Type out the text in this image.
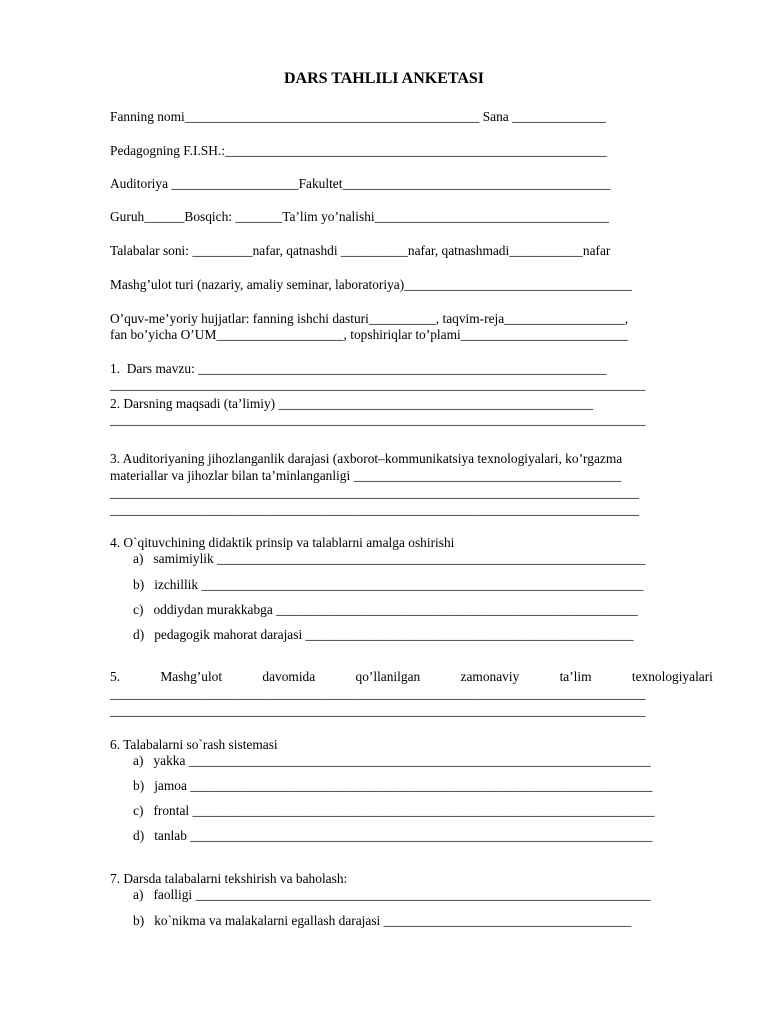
DARS TAHLILI ANKETASI
Fanning nomi____________________________________________ Sana ______________
Pedagogning F.I.SH.:_________________________________________________________
Auditoriya ___________________Fakultet________________________________________
Guruh______Bosqich: _______Ta’lim yo’nalishi___________________________________
Talabalar soni: _________nafar, qatnashdi __________nafar, qatnashmadi___________nafar
Mashg’ulot turi (nazariy, amaliy seminar, laboratoriya)__________________________________
O’quv-me’yoriy hujjatlar: fanning ishchi dasturi__________, taqvim-reja__________________,
fan bo’yicha O’UM___________________, topshiriqlar to’plami_________________________
1.  Dars mavzu: _____________________________________________________________
________________________________________________________________________________
2. Darsning maqsadi (ta’limiy) _______________________________________________
________________________________________________________________________________
3. Auditoriyaning jihozlanganlik darajasi (axborot–kommunikatsiya texnologiyalari, ko’rgazma
materiallar va jihozlar bilan ta’minlanganligi ________________________________________
_______________________________________________________________________________
_______________________________________________________________________________
4. O`qituvchining didaktik prinsip va talablarni amalga oshirishi
a)   samimiylik ________________________________________________________________
b)   izchillik __________________________________________________________________
c)   oddiydan murakkabga ______________________________________________________
d)   pedagogik mahorat darajasi _________________________________________________
5.	Mashg’ulot	davomida	qo’llanilgan	zamonaviy	ta’lim	texnologiyalari
________________________________________________________________________________
________________________________________________________________________________
6. Talabalarni so`rash sistemasi
a)   yakka _____________________________________________________________________
b)   jamoa _____________________________________________________________________
c)   frontal _____________________________________________________________________
d)   tanlab _____________________________________________________________________
7. Darsda talabalarni tekshirish va baholash:
a)   faolligi ____________________________________________________________________
b)   ko`nikma va malakalarni egallash darajasi _____________________________________
